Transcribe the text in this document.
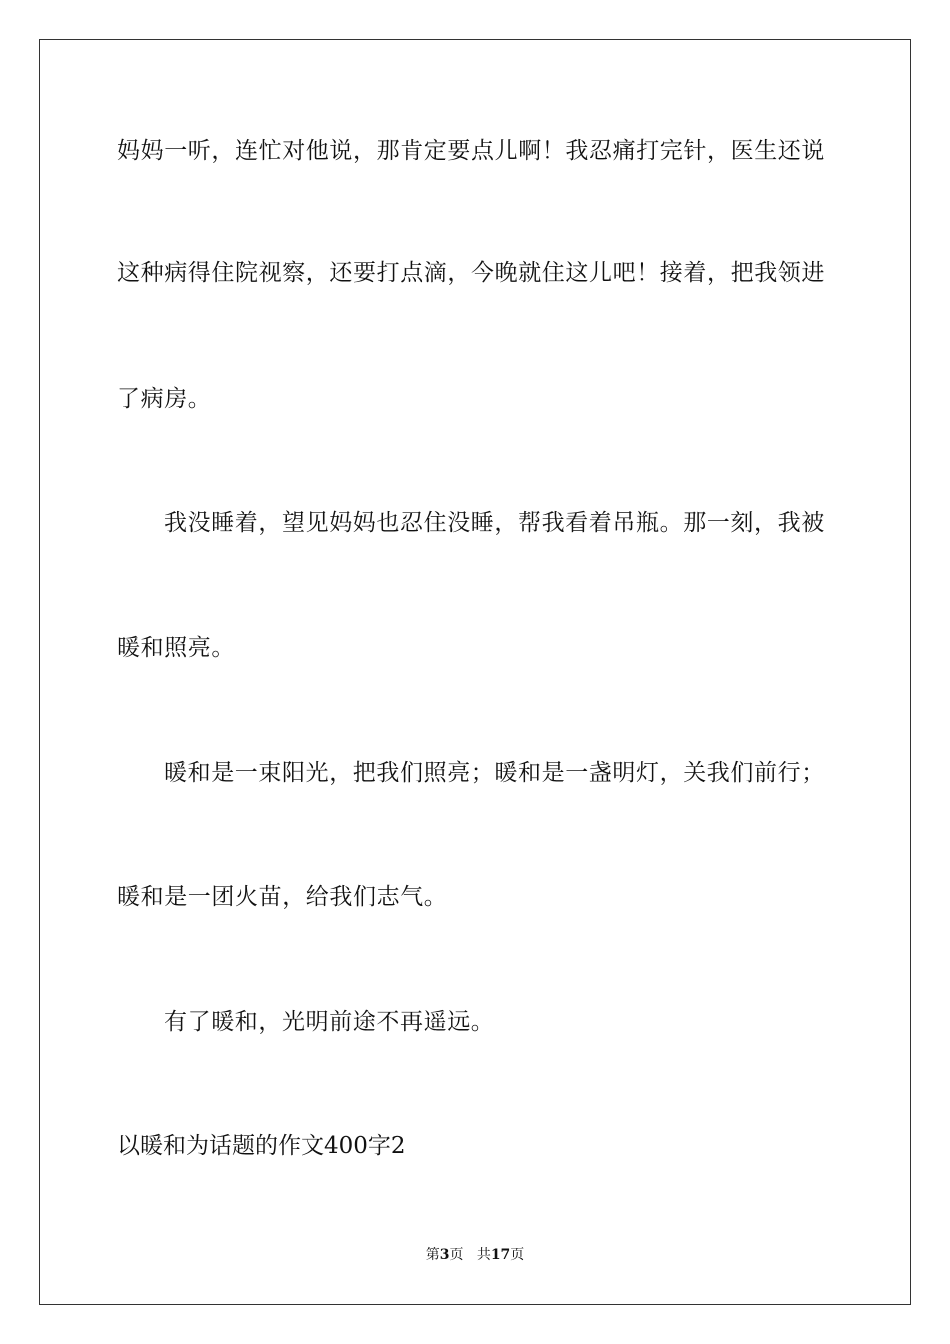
妈妈一听，连忙对他说，那肯定要点儿啊！我忍痛打完针，医生还说
这种病得住院视察，还要打点滴，今晚就住这儿吧！接着，把我领进
了病房。
我没睡着，望见妈妈也忍住没睡，帮我看着吊瓶。那一刻，我被
暖和照亮。
暖和是一束阳光，把我们照亮；暖和是一盏明灯，关我们前行；
暖和是一团火苗，给我们志气。
有了暖和，光明前途不再遥远。
以暖和为话题的作文400字2
第3页 共17页
